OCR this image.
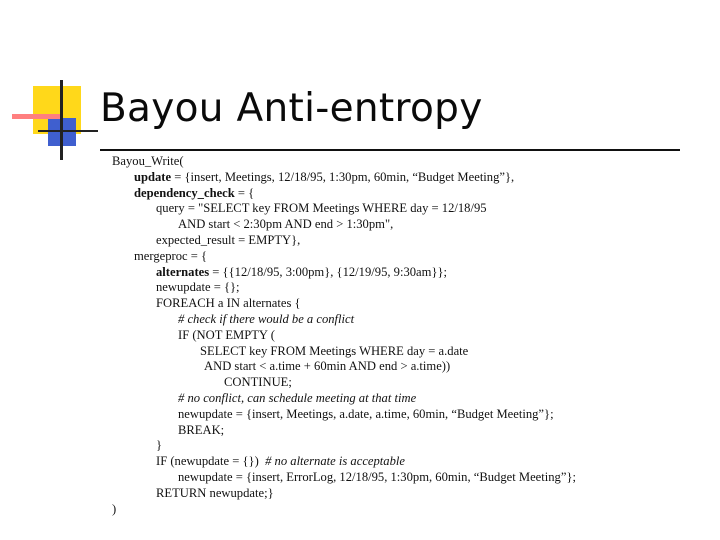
Bayou Anti-entropy
Bayou_Write(
update = {insert, Meetings, 12/18/95, 1:30pm, 60min, “Budget Meeting”},
dependency_check = {
query = "SELECT key FROM Meetings WHERE day = 12/18/95
AND start < 2:30pm AND end > 1:30pm",
expected_result = EMPTY},
mergeproc = {
alternates = {{12/18/95, 3:00pm}, {12/19/95, 9:30am}};
newupdate = {};
FOREACH a IN alternates {
# check if there would be a conflict
IF (NOT EMPTY (
SELECT key FROM Meetings WHERE day = a.date
AND start < a.time + 60min AND end > a.time))
CONTINUE;
# no conflict, can schedule meeting at that time
newupdate = {insert, Meetings, a.date, a.time, 60min, “Budget Meeting”};
BREAK;
}
IF (newupdate = {})  # no alternate is acceptable
newupdate = {insert, ErrorLog, 12/18/95, 1:30pm, 60min, “Budget Meeting”};
RETURN newupdate;}
)
